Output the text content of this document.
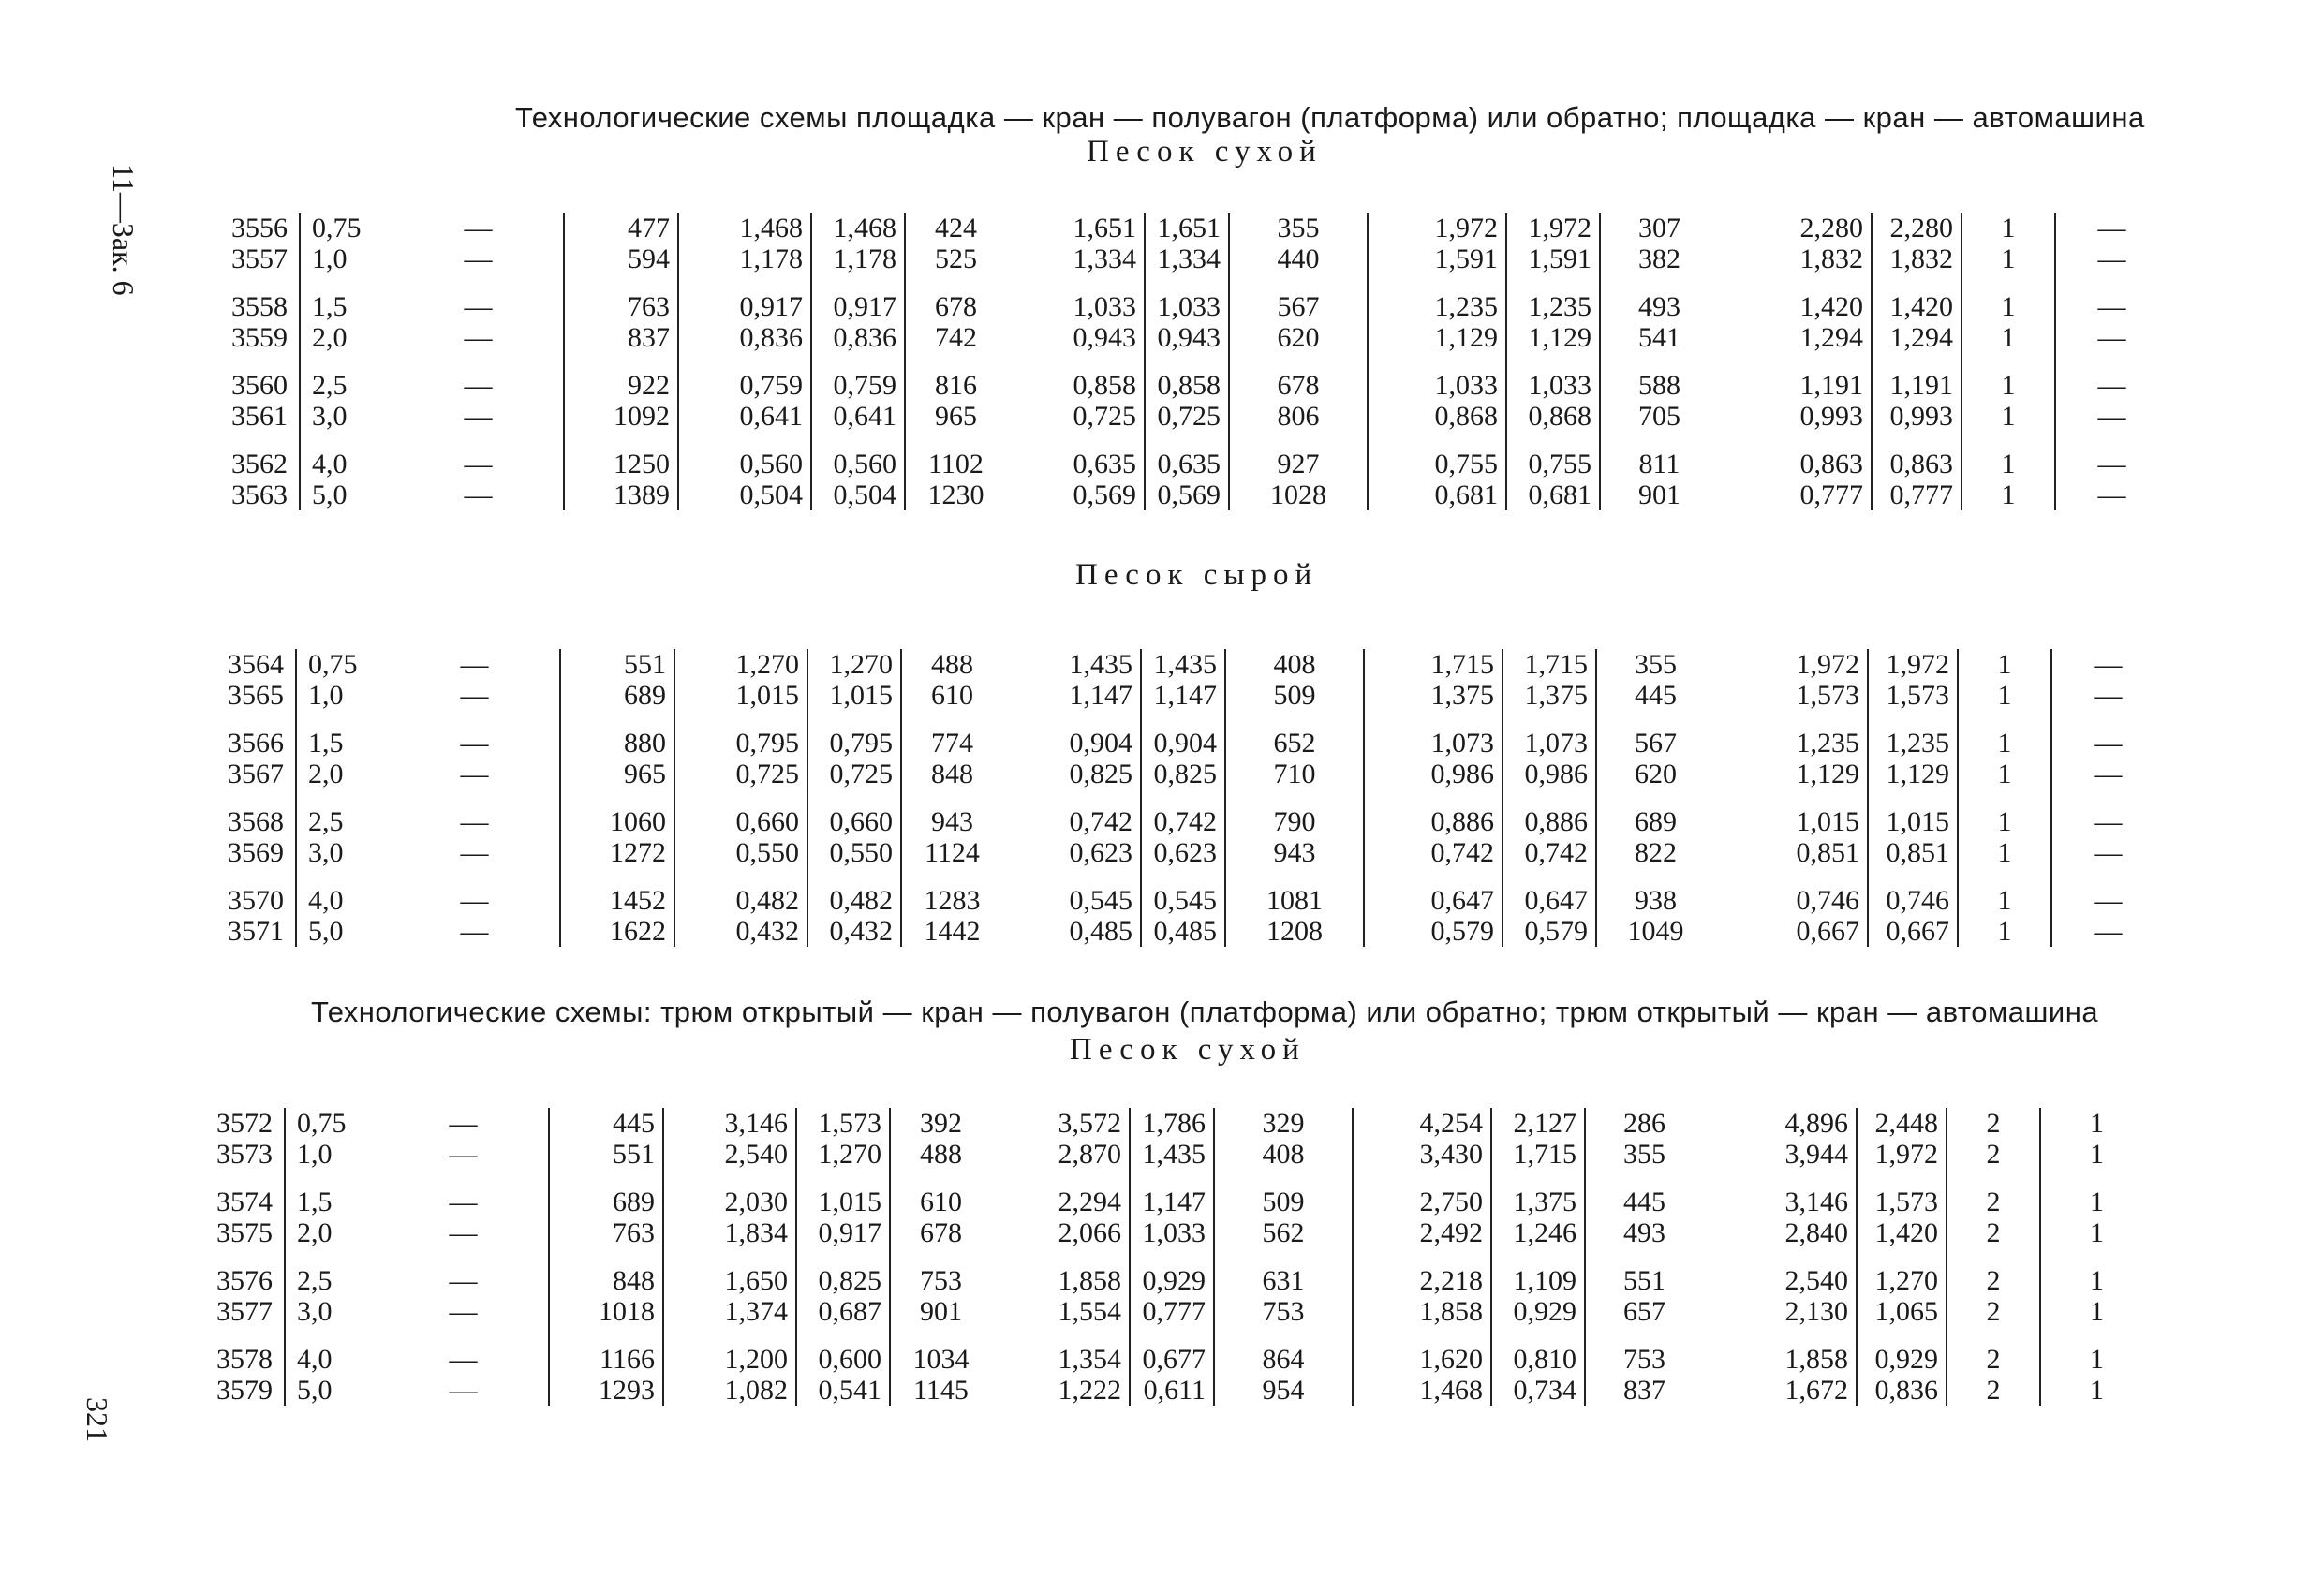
11—Зак. 6
321
Технологические схемы площадка — кран — полувагон (платформа) или обратно; площадка — кран — автомашина
Песок сухой
3556	0,75	—	477	1,468	1,468	424	1,651	1,651	355	1,972	1,972	307	2,280	2,280	1	—
3557	1,0	—	594	1,178	1,178	525	1,334	1,334	440	1,591	1,591	382	1,832	1,832	1	—

3558	1,5	—	763	0,917	0,917	678	1,033	1,033	567	1,235	1,235	493	1,420	1,420	1	—
3559	2,0	—	837	0,836	0,836	742	0,943	0,943	620	1,129	1,129	541	1,294	1,294	1	—

3560	2,5	—	922	0,759	0,759	816	0,858	0,858	678	1,033	1,033	588	1,191	1,191	1	—
3561	3,0	—	1092	0,641	0,641	965	0,725	0,725	806	0,868	0,868	705	0,993	0,993	1	—

3562	4,0	—	1250	0,560	0,560	1102	0,635	0,635	927	0,755	0,755	811	0,863	0,863	1	—
3563	5,0	—	1389	0,504	0,504	1230	0,569	0,569	1028	0,681	0,681	901	0,777	0,777	1	—
Песок сырой
3564	0,75	—	551	1,270	1,270	488	1,435	1,435	408	1,715	1,715	355	1,972	1,972	1	—
3565	1,0	—	689	1,015	1,015	610	1,147	1,147	509	1,375	1,375	445	1,573	1,573	1	—

3566	1,5	—	880	0,795	0,795	774	0,904	0,904	652	1,073	1,073	567	1,235	1,235	1	—
3567	2,0	—	965	0,725	0,725	848	0,825	0,825	710	0,986	0,986	620	1,129	1,129	1	—

3568	2,5	—	1060	0,660	0,660	943	0,742	0,742	790	0,886	0,886	689	1,015	1,015	1	—
3569	3,0	—	1272	0,550	0,550	1124	0,623	0,623	943	0,742	0,742	822	0,851	0,851	1	—

3570	4,0	—	1452	0,482	0,482	1283	0,545	0,545	1081	0,647	0,647	938	0,746	0,746	1	—
3571	5,0	—	1622	0,432	0,432	1442	0,485	0,485	1208	0,579	0,579	1049	0,667	0,667	1	—
Технологические схемы: трюм открытый — кран — полувагон (платформа) или обратно; трюм открытый — кран — автомашина
Песок сухой
3572	0,75	—	445	3,146	1,573	392	3,572	1,786	329	4,254	2,127	286	4,896	2,448	2	1
3573	1,0	—	551	2,540	1,270	488	2,870	1,435	408	3,430	1,715	355	3,944	1,972	2	1

3574	1,5	—	689	2,030	1,015	610	2,294	1,147	509	2,750	1,375	445	3,146	1,573	2	1
3575	2,0	—	763	1,834	0,917	678	2,066	1,033	562	2,492	1,246	493	2,840	1,420	2	1

3576	2,5	—	848	1,650	0,825	753	1,858	0,929	631	2,218	1,109	551	2,540	1,270	2	1
3577	3,0	—	1018	1,374	0,687	901	1,554	0,777	753	1,858	0,929	657	2,130	1,065	2	1

3578	4,0	—	1166	1,200	0,600	1034	1,354	0,677	864	1,620	0,810	753	1,858	0,929	2	1
3579	5,0	—	1293	1,082	0,541	1145	1,222	0,611	954	1,468	0,734	837	1,672	0,836	2	1
